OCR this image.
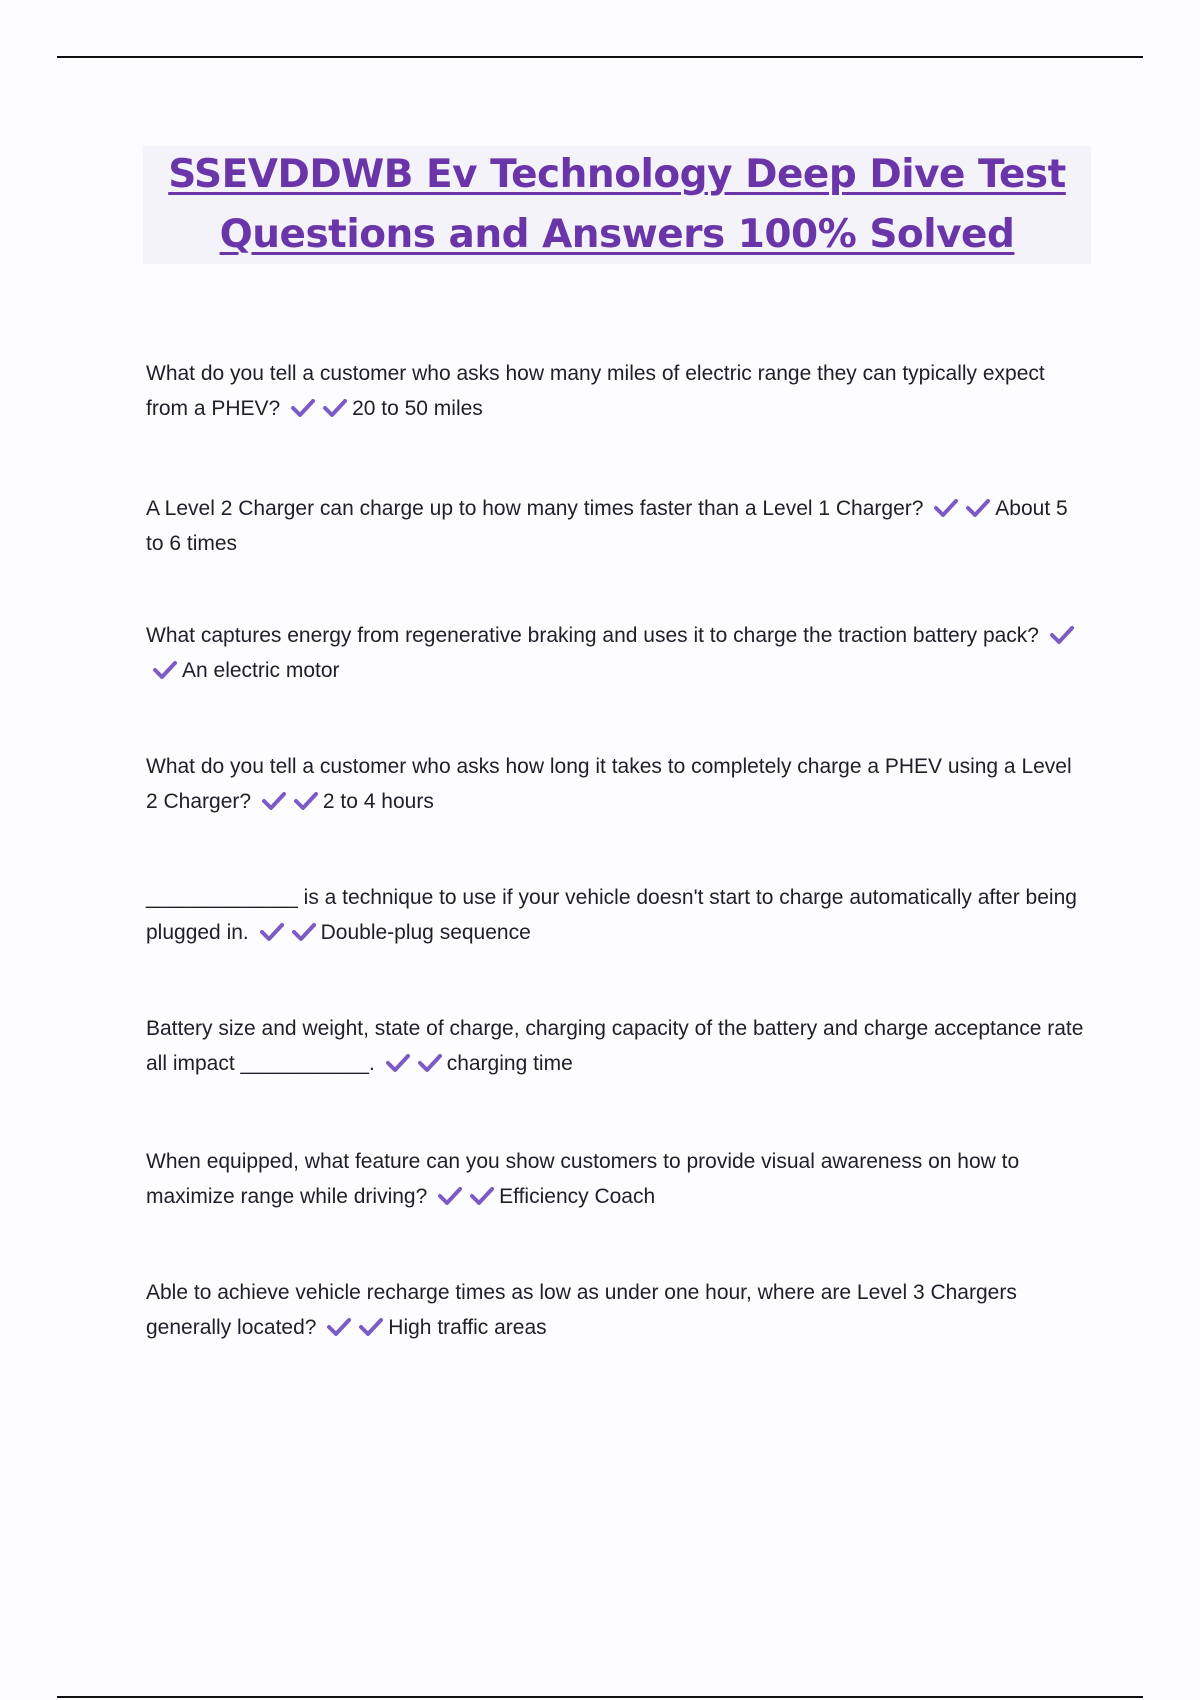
SSEVDDWB Ev Technology Deep Dive Test
Questions and Answers 100% Solved
What do you tell a customer who asks how many miles of electric range they can typically expect from a PHEV?	20 to 50 miles
A Level 2 Charger can charge up to how many times faster than a Level 1 Charger?	About 5 to 6 times
What captures energy from regenerative braking and uses it to charge the traction battery pack?
An electric motor
What do you tell a customer who asks how long it takes to completely charge a PHEV using a Level 2 Charger?	2 to 4 hours
_____________ is a technique to use if your vehicle doesn't start to charge automatically after being plugged in.	Double-plug sequence
Battery size and weight, state of charge, charging capacity of the battery and charge acceptance rate all impact ___________.	charging time
When equipped, what feature can you show customers to provide visual awareness on how to maximize range while driving?	Efficiency Coach
Able to achieve vehicle recharge times as low as under one hour, where are Level 3 Chargers generally located?	High traffic areas
